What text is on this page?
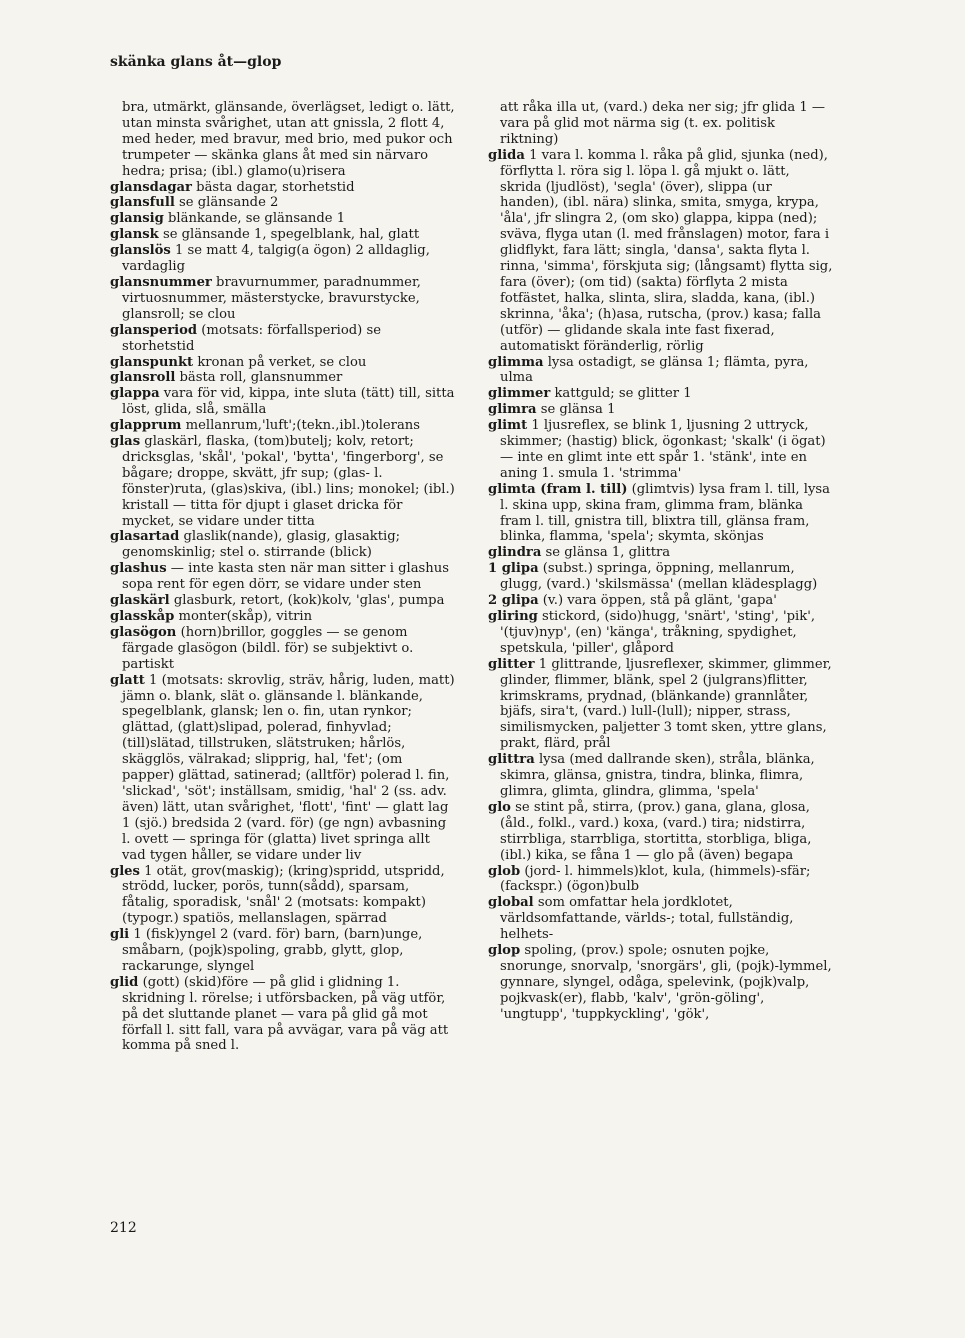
skänka glans åt—glop

bra, utmärkt, glänsande, överlägset, ledigt o. lätt, utan minsta svårighet, utan att gnissla, 2 flott 4, med heder, med bravur, med brio, med pukor och trumpeter — skänka glans åt med sin närvaro hedra; prisa; (ibl.) glamo(u)risera

glansdagar bästa dagar, storhetstid

glansfull se glänsande 2

glansig blänkande, se glänsande 1

glansk se glänsande 1, spegelblank, hal, glatt

glanslös 1 se matt 4, talgig(a ögon) 2 alldaglig, vardaglig

glansnummer bravurnummer, paradnummer, virtuosnummer, mästerstycke, bravurstycke, glansroll; se clou

glansperiod (motsats: förfallsperiod) se storhetstid

glanspunkt kronan på verket, se clou

glansroll bästa roll, glansnummer

glappa vara för vid, kippa, inte sluta (tätt) till, sitta löst, glida, slå, smälla

glapprum mellanrum,'luft';(tekn.,ibl.)tolerans

glas glaskärl, flaska, (tom)butelj; kolv, retort; dricksglas, 'skål', 'pokal', 'bytta', 'fingerborg', se bågare; droppe, skvätt, jfr sup; (glas- l. fönster)ruta, (glas)skiva, (ibl.) lins; monokel; (ibl.) kristall — titta för djupt i glaset dricka för mycket, se vidare under titta

glasartad glaslik(nande), glasig, glasaktig; genomskinlig; stel o. stirrande (blick)

glashus — inte kasta sten när man sitter i glashus sopa rent för egen dörr, se vidare under sten

glaskärl glasburk, retort, (kok)kolv, 'glas', pumpa

glasskåp monter(skåp), vitrin

glasögon (horn)brillor, goggles — se genom färgade glasögon (bildl. för) se subjektivt o. partiskt

glatt 1 (motsats: skrovlig, sträv, hårig, luden, matt) jämn o. blank, slät o. glänsande l. blänkande, spegelblank, glansk; len o. fin, utan rynkor; glättad, (glatt)slipad, polerad, finhyvlad; (till)slätad, tillstruken, slätstruken; hårlös, skägglös, välrakad; slipprig, hal, 'fet'; (om papper) glättad, satinerad; (alltför) polerad l. fin, 'slickad', 'söt'; inställsam, smidig, 'hal' 2 (ss. adv. även) lätt, utan svårighet, 'flott', 'fint' — glatt lag 1 (sjö.) bredsida 2 (vard. för) (ge ngn) avbasning l. ovett — springa för (glatta) livet springa allt vad tygen håller, se vidare under liv

gles 1 otät, grov(maskig); (kring)spridd, utspridd, strödd, lucker, porös, tunn(sådd), sparsam, fåtalig, sporadisk, 'snål' 2 (motsats: kompakt) (typogr.) spatiös, mellanslagen, spärrad

gli 1 (fisk)yngel 2 (vard. för) barn, (barn)unge, småbarn, (pojk)spoling, grabb, glytt, glop, rackarunge, slyngel

glid (gott) (skid)före — på glid i glidning 1. skridning l. rörelse; i utförsbacken, på väg utför, på det sluttande planet — vara på glid gå mot förfall l. sitt fall, vara på avvägar, vara på väg att komma på sned l.

att råka illa ut, (vard.) deka ner sig; jfr glida 1 — vara på glid mot närma sig (t. ex. politisk riktning)

glida 1 vara l. komma l. råka på glid, sjunka (ned), förflytta l. röra sig l. löpa l. gå mjukt o. lätt, skrida (ljudlöst), 'segla' (över), slippa (ur handen), (ibl. nära) slinka, smita, smyga, krypa, 'åla', jfr slingra 2, (om sko) glappa, kippa (ned); sväva, flyga utan (l. med frånslagen) motor, fara i glidflykt, fara lätt; singla, 'dansa', sakta flyta l. rinna, 'simma', förskjuta sig; (långsamt) flytta sig, fara (över); (om tid) (sakta) förflyta 2 mista fotfästet, halka, slinta, slira, sladda, kana, (ibl.) skrinna, 'åka'; (h)asa, rutscha, (prov.) kasa; falla (utför) — glidande skala inte fast fixerad, automatiskt föränderlig, rörlig

glimma lysa ostadigt, se glänsa 1; flämta, pyra, ulma

glimmer kattguld; se glitter 1

glimra se glänsa 1

glimt 1 ljusreflex, se blink 1, ljusning 2 uttryck, skimmer; (hastig) blick, ögonkast; 'skalk' (i ögat) — inte en glimt inte ett spår 1. 'stänk', inte en aning 1. smula 1. 'strimma'

glimta (fram l. till) (glimtvis) lysa fram l. till, lysa l. skina upp, skina fram, glimma fram, blänka fram l. till, gnistra till, blixtra till, glänsa fram, blinka, flamma, 'spela'; skymta, skönjas

glindra se glänsa 1, glittra

1 glipa (subst.) springa, öppning, mellanrum, glugg, (vard.) 'skilsmässa' (mellan klädesplagg)

2 glipa (v.) vara öppen, stå på glänt, 'gapa'

gliring stickord, (sido)hugg, 'snärt', 'sting', 'pik', '(tjuv)nyp', (en) 'känga', tråkning, spydighet, spetskula, 'piller', glåpord

glitter 1 glittrande, ljusreflexer, skimmer, glimmer, glinder, flimmer, blänk, spel 2 (julgrans)flitter, krimskrams, prydnad, (blänkande) grannlåter, bjäfs, sira't, (vard.) lull-(lull); nipper, strass, similismycken, paljetter 3 tomt sken, yttre glans, prakt, flärd, prål

glittra lysa (med dallrande sken), stråla, blänka, skimra, glänsa, gnistra, tindra, blinka, flimra, glimra, glimta, glindra, glimma, 'spela'

glo se stint på, stirra, (prov.) gana, glana, glosa, (åld., folkl., vard.) koxa, (vard.) tira; nidstirra, stirrbliga, starrbliga, stortitta, storbliga, bliga, (ibl.) kika, se fåna 1 — glo på (även) begapa

glob (jord- l. himmels)klot, kula, (himmels)-sfär; (fackspr.) (ögon)bulb

global som omfattar hela jordklotet, världsomfattande, världs-; total, fullständig, helhets-

glop spoling, (prov.) spole; osnuten pojke, snorunge, snorvalp, 'snorgärs', gli, (pojk)-lymmel, gynnare, slyngel, odåga, spelevink, (pojk)valp, pojkvask(er), flabb, 'kalv', 'grön-göling', 'ungtupp', 'tuppkyckling', 'gök',

212
